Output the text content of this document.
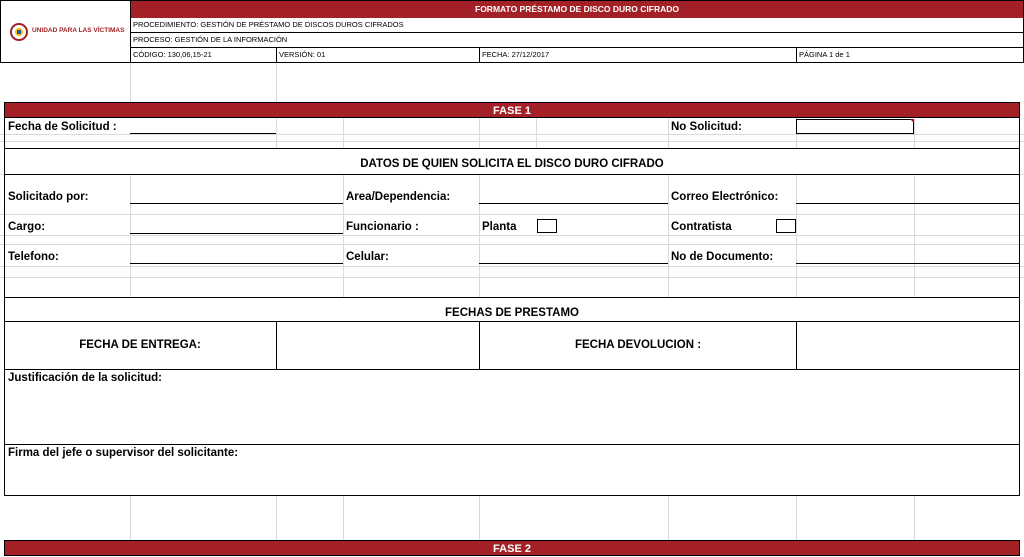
UNIDAD PARA LAS VÍCTIMAS
FORMATO PRÉSTAMO DE DISCO DURO CIFRADO
PROCEDIMIENTO: GESTIÓN DE PRÉSTAMO DE DISCOS DUROS CIFRADOS
PROCESO: GESTIÓN DE LA INFORMACIÓN
CÓDIGO: 130,06,15-21	VERSIÓN: 01	FECHA: 27/12/2017	PÁGINA 1 de 1
FASE 1
Fecha de Solicitud :	No Solicitud:
DATOS DE QUIEN SOLICITA EL DISCO DURO CIFRADO
Solicitado por:	Area/Dependencia:	Correo Electrónico:
Cargo:	Funcionario :	Planta	Contratista
Telefono:	Celular:	No de Documento:
FECHAS DE PRESTAMO
FECHA DE ENTREGA:	FECHA DEVOLUCION :
Justificación de la solicitud:
Firma del jefe o supervisor del solicitante:
FASE 2
